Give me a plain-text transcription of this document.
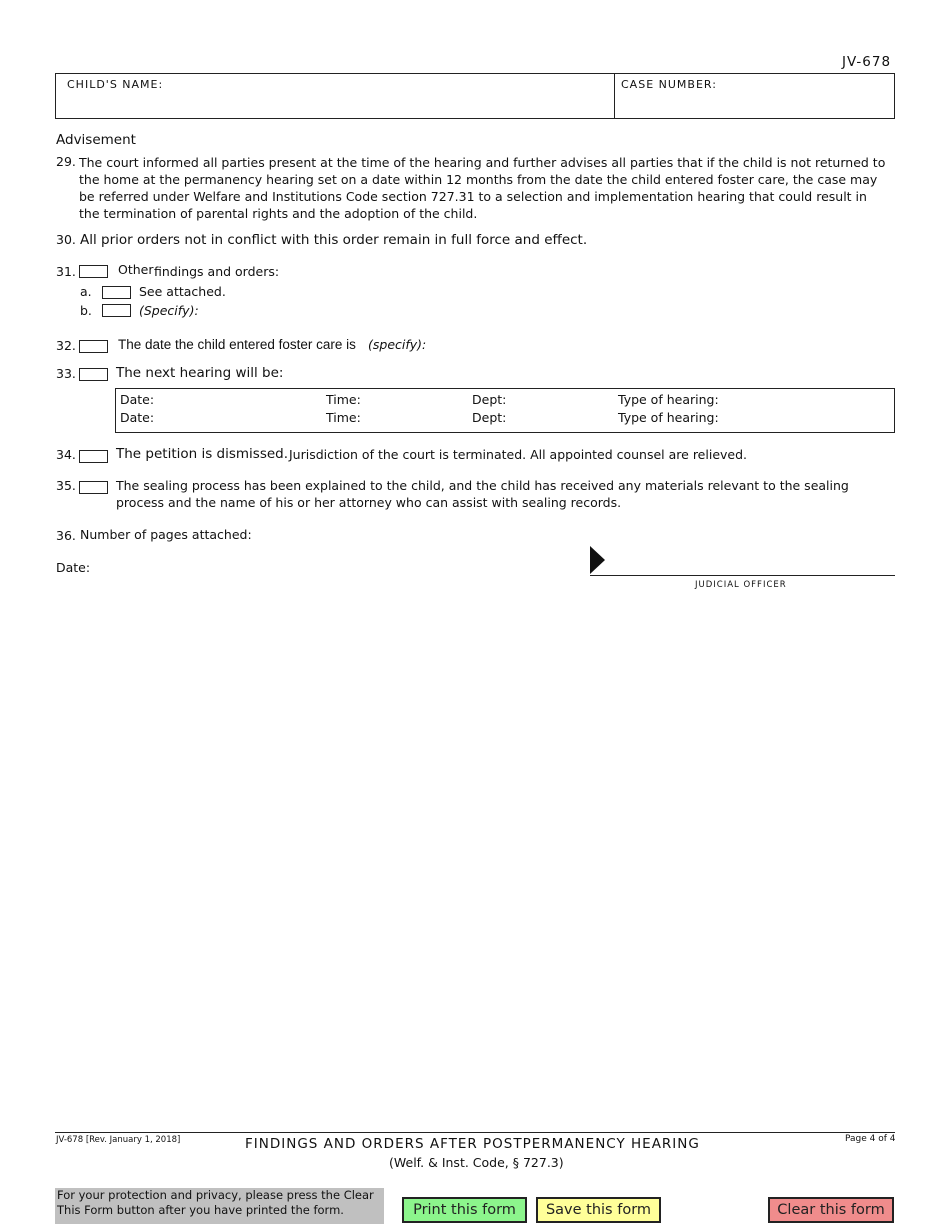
JV-678
CHILD'S NAME:	CASE NUMBER:
Advisement
29. The court informed all parties present at the time of the hearing and further advises all parties that if the child is not returned to the home at the permanency hearing set on a date within 12 months from the date the child entered foster care, the case may be referred under Welfare and Institutions Code section 727.31 to a selection and implementation hearing that could result in the termination of parental rights and the adoption of the child.
30. All prior orders not in conflict with this order remain in full force and effect.
31.	Other findings and orders:
a.	See attached.
b.	(Specify):
32.	The date the child entered foster care is (specify):
33.	The next hearing will be:
Date:	Time:	Dept:	Type of hearing:
Date:	Time:	Dept:	Type of hearing:
34.	The petition is dismissed. Jurisdiction of the court is terminated. All appointed counsel are relieved.
35.	The sealing process has been explained to the child, and the child has received any materials relevant to the sealing process and the name of his or her attorney who can assist with sealing records.
36. Number of pages attached:
Date:
JUDICIAL OFFICER
JV-678 [Rev. January 1, 2018]	FINDINGS AND ORDERS AFTER POSTPERMANENCY HEARING
(Welf. & Inst. Code, § 727.3)
Page 4 of 4
For your protection and privacy, please press the Clear This Form button after you have printed the form.	Print this form	Save this form	Clear this form
